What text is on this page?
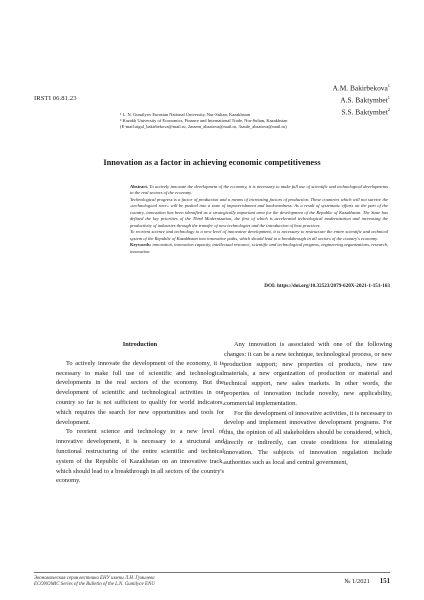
IRSTI 06.81.23
A.M. Bakirbekova$^1$
A.S. Baktymbet$^1$
S.S. Baktymbet$^2$
¹ L. N. Gumilyov Eurasian National University, Nur-Sultan, Kazakhstan
² Kazakh University of Economics, Finance and International Trade, Nur-Sultan, Kazakhstan
(E-mail:aigul_bakirbekova@mail.ru, 2assem_abzatova@mail.ru, 3saule_abzatova@mail.ru)
Innovation as a factor in achieving economic competitiveness

Abstract. To actively innovate the development of the economy, it is necessary to make full use of scientific and technological developments in the real sectors of the economy.

Technological progress is a factor of production and a means of increasing factors of production. These countries which will not survive the «technological race» will be pushed into a zone of impoverishment and backwardness. As a result of systematic efforts on the part of the country, innovation has been identified as a strategically important area for the development of the Republic of Kazakhstan. The State has defined the key priorities of the Third Modernization, the first of which is accelerated technological modernization and increasing the productivity of industries through the transfer of new technologies and the introduction of best practices.

To reorient science and technology to a new level of innovative development, it is necessary to restructure the entire scientific and technical system of the Republic of Kazakhstan into innovative paths, which should lead to a breakthrough in all sectors of the country's economy.

Keywords: innovation, innovation capacity, intellectual resource, scientific and technological progress, engineering organizations, research, innovation.

DOI: https://doi.org/10.32523/2079-620X-2021-1-151-163

Introduction

To actively innovate the development of the economy, it is necessary to make full use of scientific and technological developments in the real sectors of the economy. But the development of scientific and technological activities in our country so far is not sufficient to qualify for world indicators, which requires the search for new opportunities and tools for development.

To reorient science and technology to a new level of innovative development, it is necessary to a structural and functional restructuring of the entire scientific and technical system of the Republic of Kazakhstan on an innovative track, which should lead to a breakthrough in all sectors of the country's economy.

Any innovation is associated with one of the following changes: it can be a new technique, technological process, or new production support; new properties of products, new raw materials, a new organization of production or material and technical support, new sales markets. In other words, the properties of innovation include novelty, new applicability, commercial implementation.

For the development of innovative activities, it is necessary to develop and implement innovative development programs. For this, the opinion of all stakeholders should be considered, which, directly or indirectly, can create conditions for stimulating innovation. The subjects of innovation regulation include authorities such as local and central government,

Экономическая серия вестника ЕНУ имени Л.Н. Гумилева
ECONOMIC Series of the Bulletin of the L.N. Gumilyov ENU	№ 1/2021 151
